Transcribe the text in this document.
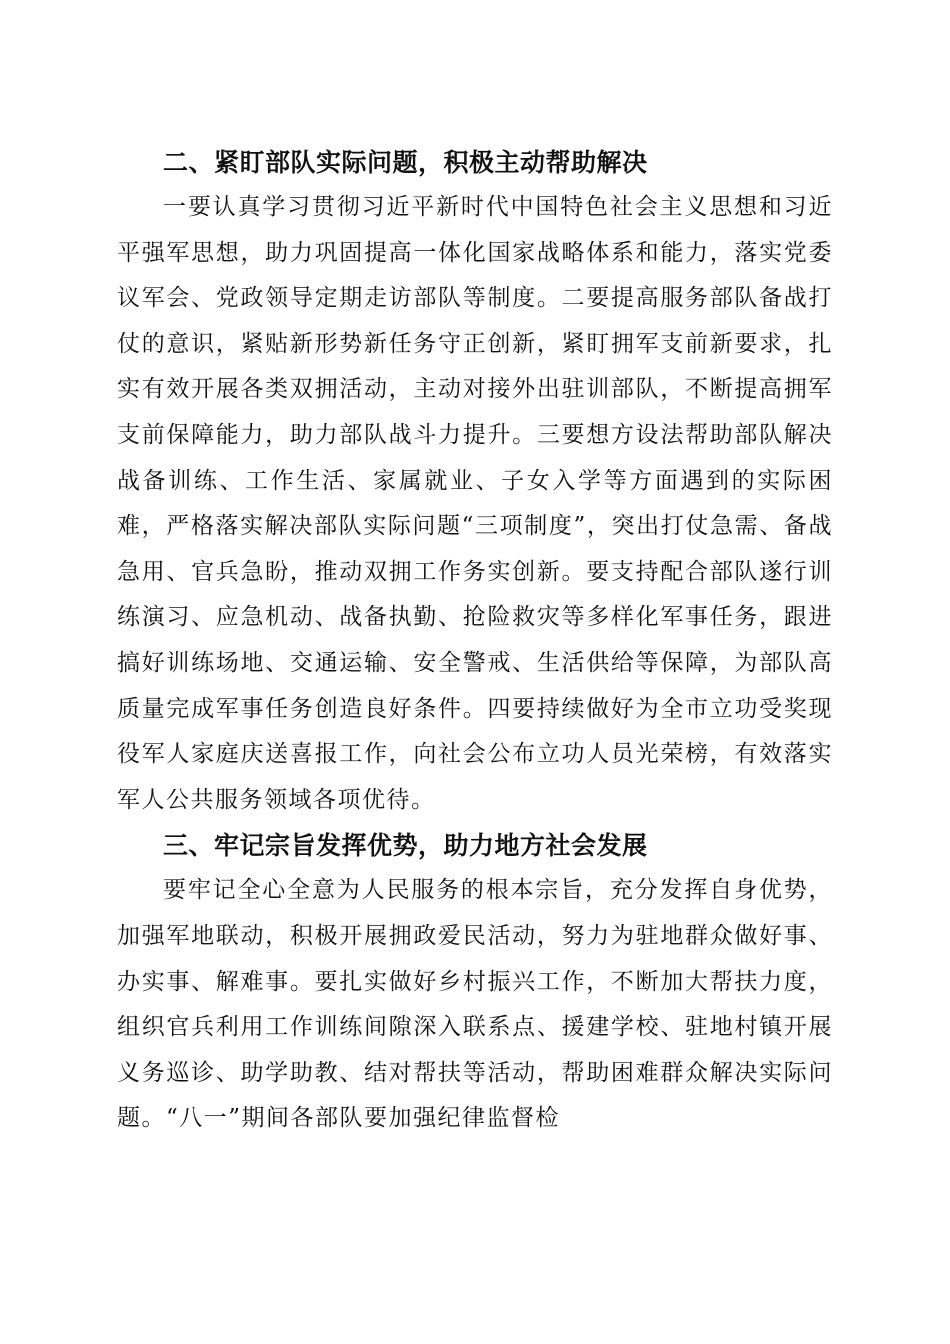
二、紧盯部队实际问题，积极主动帮助解决

一要认真学习贯彻习近平新时代中国特色社会主义思想和习近平强军思想，助力巩固提高一体化国家战略体系和能力，落实党委议军会、党政领导定期走访部队等制度。二要提高服务部队备战打仗的意识，紧贴新形势新任务守正创新，紧盯拥军支前新要求，扎实有效开展各类双拥活动，主动对接外出驻训部队，不断提高拥军支前保障能力，助力部队战斗力提升。三要想方设法帮助部队解决战备训练、工作生活、家属就业、子女入学等方面遇到的实际困难，严格落实解决部队实际问题“三项制度”，突出打仗急需、备战急用、官兵急盼，推动双拥工作务实创新。要支持配合部队遂行训练演习、应急机动、战备执勤、抢险救灾等多样化军事任务，跟进搞好训练场地、交通运输、安全警戒、生活供给等保障，为部队高质量完成军事任务创造良好条件。四要持续做好为全市立功受奖现役军人家庭庆送喜报工作，向社会公布立功人员光荣榜，有效落实军人公共服务领域各项优待。

三、牢记宗旨发挥优势，助力地方社会发展

要牢记全心全意为人民服务的根本宗旨，充分发挥自身优势，加强军地联动，积极开展拥政爱民活动，努力为驻地群众做好事、办实事、解难事。要扎实做好乡村振兴工作，不断加大帮扶力度，组织官兵利用工作训练间隙深入联系点、援建学校、驻地村镇开展义务巡诊、助学助教、结对帮扶等活动，帮助困难群众解决实际问题。“八一”期间各部队要加强纪律监督检
